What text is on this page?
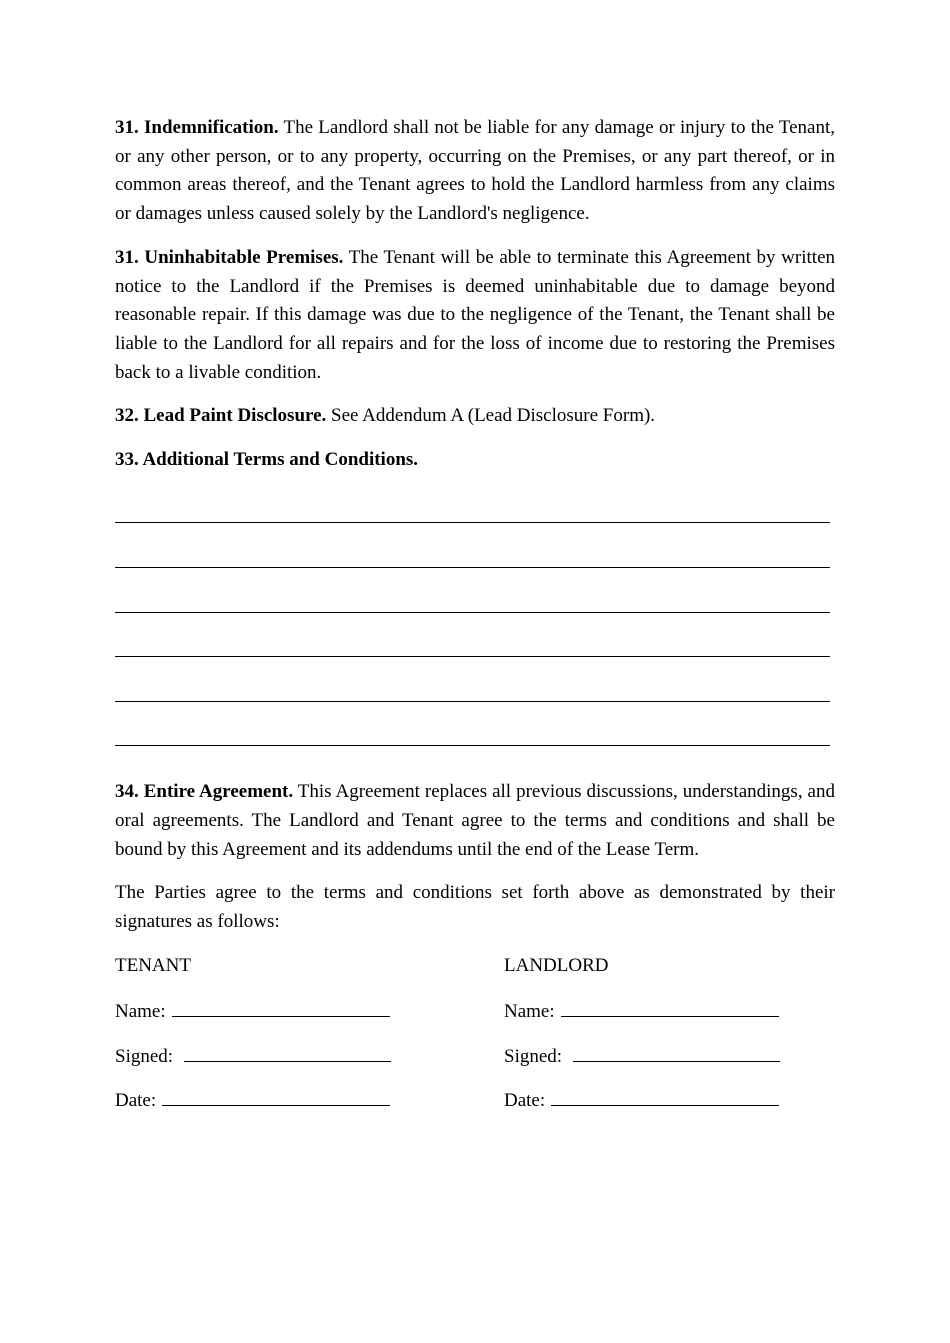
31. Indemnification. The Landlord shall not be liable for any damage or injury to the Tenant, or any other person, or to any property, occurring on the Premises, or any part thereof, or in common areas thereof, and the Tenant agrees to hold the Landlord harmless from any claims or damages unless caused solely by the Landlord's negligence.

31. Uninhabitable Premises. The Tenant will be able to terminate this Agreement by written notice to the Landlord if the Premises is deemed uninhabitable due to damage beyond reasonable repair. If this damage was due to the negligence of the Tenant, the Tenant shall be liable to the Landlord for all repairs and for the loss of income due to restoring the Premises back to a livable condition.

32. Lead Paint Disclosure. See Addendum A (Lead Disclosure Form).

33. Additional Terms and Conditions.

34. Entire Agreement. This Agreement replaces all previous discussions, understandings, and oral agreements. The Landlord and Tenant agree to the terms and conditions and shall be bound by this Agreement and its addendums until the end of the Lease Term.

The Parties agree to the terms and conditions set forth above as demonstrated by their signatures as follows:

TENANT
Name:
Signed:
Date:
LANDLORD
Name:
Signed:
Date:
